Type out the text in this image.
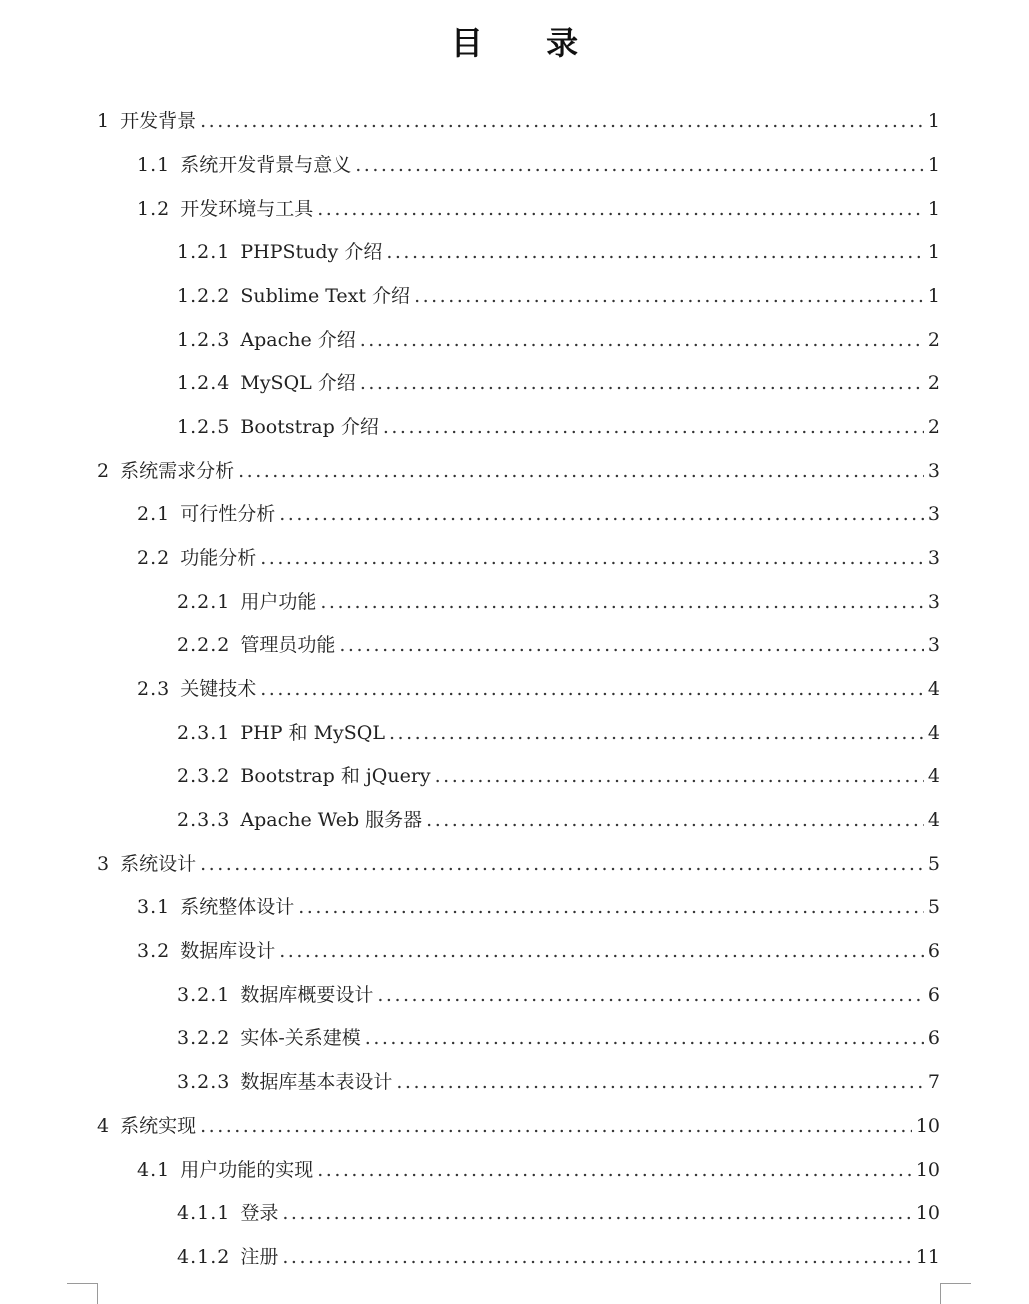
目 录
1 开发背景 .....	1
1.1 系统开发背景与意义 .....	1
1.2 开发环境与工具 .....	1
1.2.1 PHPStudy 介绍 .....	1
1.2.2 Sublime Text 介绍 .....	1
1.2.3 Apache 介绍 .....	2
1.2.4 MySQL 介绍 .....	2
1.2.5 Bootstrap 介绍 .....	2
2 系统需求分析 .....	3
2.1 可行性分析 .....	3
2.2 功能分析 .....	3
2.2.1 用户功能 .....	3
2.2.2 管理员功能 .....	3
2.3 关键技术 .....	4
2.3.1 PHP 和 MySQL .....	4
2.3.2 Bootstrap 和 jQuery .....	4
2.3.3 Apache Web 服务器 .....	4
3 系统设计 .....	5
3.1 系统整体设计 .....	5
3.2 数据库设计 .....	6
3.2.1 数据库概要设计 .....	6
3.2.2 实体-关系建模 .....	6
3.2.3 数据库基本表设计 .....	7
4 系统实现 .....	10
4.1 用户功能的实现 .....	10
4.1.1 登录 .....	10
4.1.2 注册 .....	11
